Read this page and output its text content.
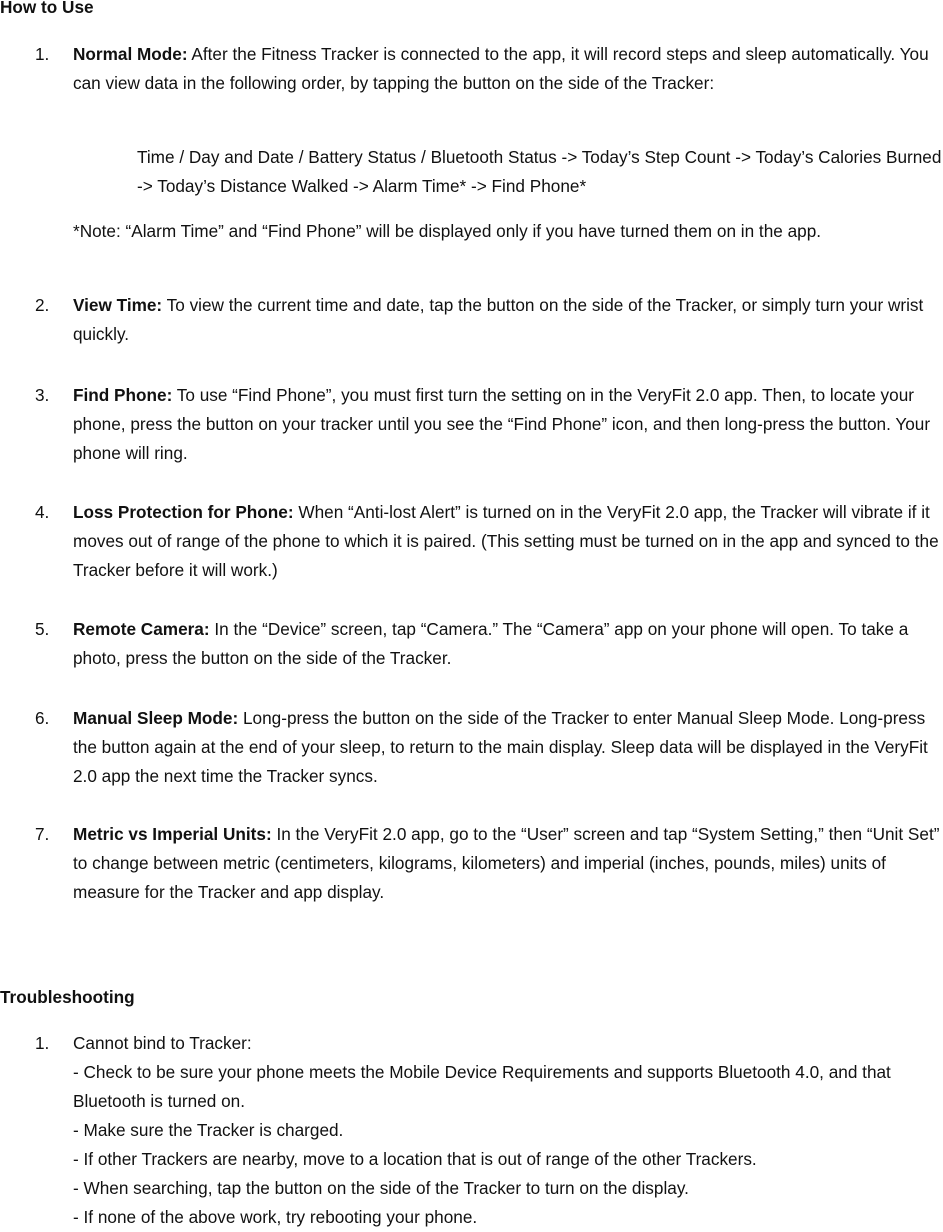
How to Use
1. Normal Mode: After the Fitness Tracker is connected to the app, it will record steps and sleep automatically. You can view data in the following order, by tapping the button on the side of the Tracker:

Time / Day and Date / Battery Status / Bluetooth Status -> Today’s Step Count -> Today’s Calories Burned -> Today’s Distance Walked -> Alarm Time* -> Find Phone*

*Note: “Alarm Time” and “Find Phone” will be displayed only if you have turned them on in the app.

2. View Time: To view the current time and date, tap the button on the side of the Tracker, or simply turn your wrist quickly.

3. Find Phone: To use “Find Phone”, you must first turn the setting on in the VeryFit 2.0 app. Then, to locate your phone, press the button on your tracker until you see the “Find Phone” icon, and then long-press the button. Your phone will ring.

4. Loss Protection for Phone: When “Anti-lost Alert” is turned on in the VeryFit 2.0 app, the Tracker will vibrate if it moves out of range of the phone to which it is paired. (This setting must be turned on in the app and synced to the Tracker before it will work.)

5. Remote Camera: In the “Device” screen, tap “Camera.” The “Camera” app on your phone will open. To take a photo, press the button on the side of the Tracker.

6. Manual Sleep Mode: Long-press the button on the side of the Tracker to enter Manual Sleep Mode. Long-press the button again at the end of your sleep, to return to the main display. Sleep data will be displayed in the VeryFit 2.0 app the next time the Tracker syncs.

7. Metric vs Imperial Units: In the VeryFit 2.0 app, go to the “User” screen and tap “System Setting,” then “Unit Set” to change between metric (centimeters, kilograms, kilometers) and imperial (inches, pounds, miles) units of measure for the Tracker and app display.

Troubleshooting
1. Cannot bind to Tracker:

- Check to be sure your phone meets the Mobile Device Requirements and supports Bluetooth 4.0, and that Bluetooth is turned on.
- Make sure the Tracker is charged.
- If other Trackers are nearby, move to a location that is out of range of the other Trackers.
- When searching, tap the button on the side of the Tracker to turn on the display.
- If none of the above work, try rebooting your phone.
